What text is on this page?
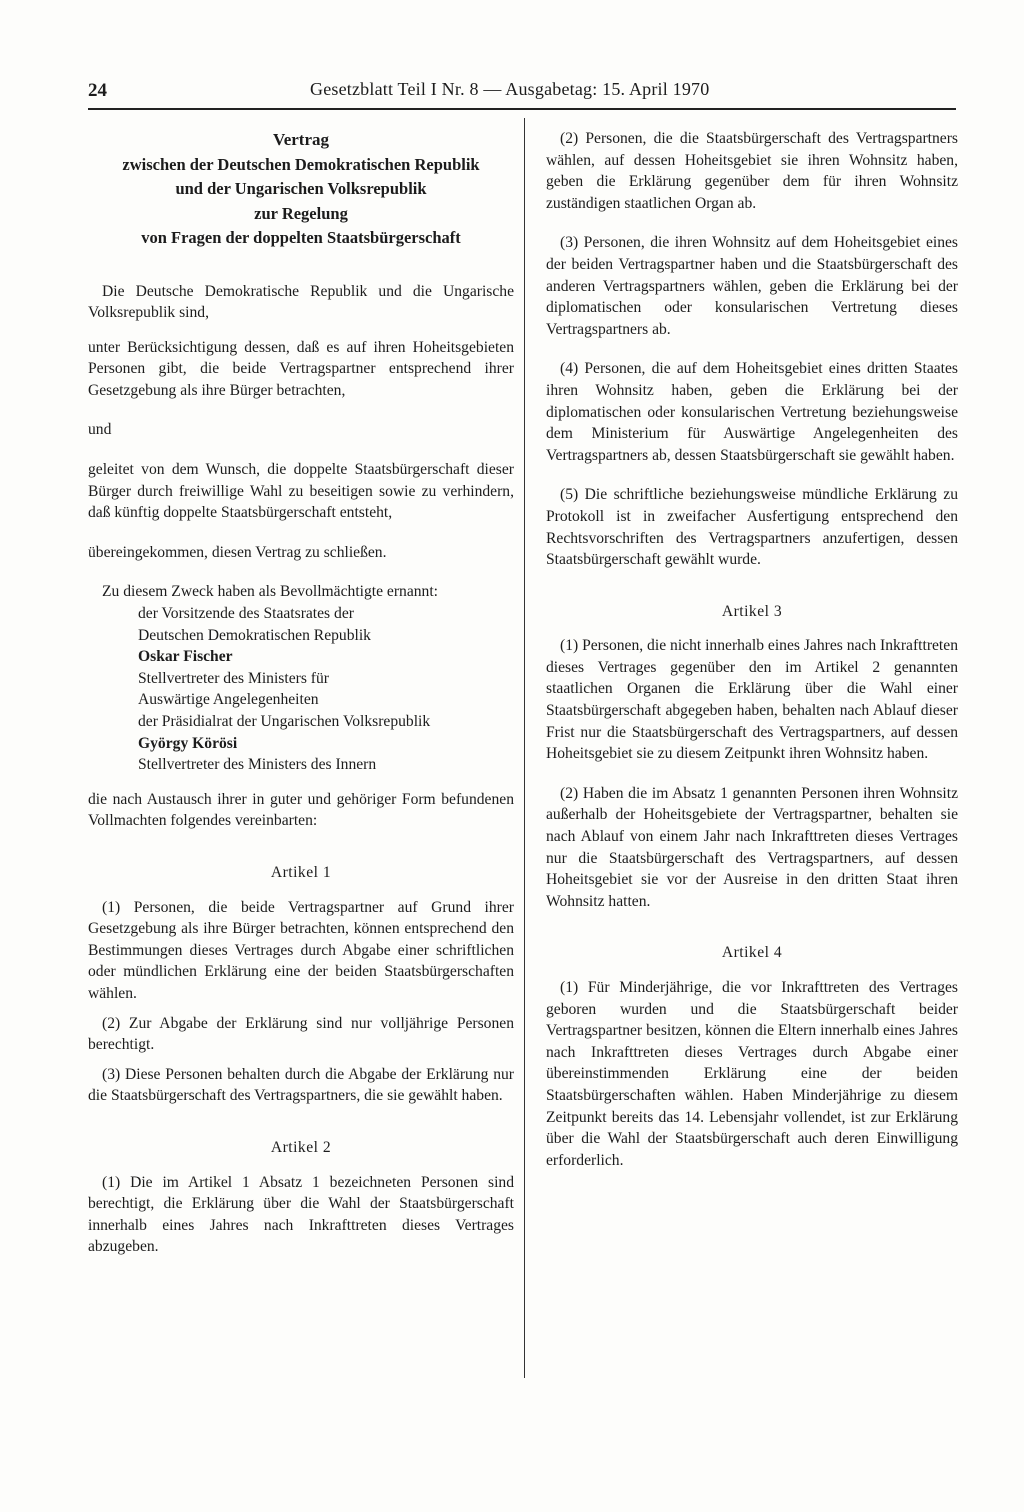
24	Gesetzblatt Teil I Nr. 8 — Ausgabetag: 15. April 1970
Vertrag
zwischen der Deutschen Demokratischen Republik
und der Ungarischen Volksrepublik
zur Regelung
von Fragen der doppelten Staatsbürgerschaft

Die Deutsche Demokratische Republik und die Ungarische Volksrepublik sind,

unter Berücksichtigung dessen, daß es auf ihren Hoheitsgebieten Personen gibt, die beide Vertragspartner entsprechend ihrer Gesetzgebung als ihre Bürger betrachten,

und

geleitet von dem Wunsch, die doppelte Staatsbürgerschaft dieser Bürger durch freiwillige Wahl zu beseitigen sowie zu verhindern, daß künftig doppelte Staatsbürgerschaft entsteht,

übereingekommen, diesen Vertrag zu schließen.

Zu diesem Zweck haben als Bevollmächtigte ernannt:

der Vorsitzende des Staatsrates der
Deutschen Demokratischen Republik
Oskar Fischer
Stellvertreter des Ministers für
Auswärtige Angelegenheiten
der Präsidialrat der Ungarischen Volksrepublik
György Körösi
Stellvertreter des Ministers des Innern

die nach Austausch ihrer in guter und gehöriger Form befundenen Vollmachten folgendes vereinbarten:

Artikel 1

(1) Personen, die beide Vertragspartner auf Grund ihrer Gesetzgebung als ihre Bürger betrachten, können entsprechend den Bestimmungen dieses Vertrages durch Abgabe einer schriftlichen oder mündlichen Erklärung eine der beiden Staatsbürgerschaften wählen.

(2) Zur Abgabe der Erklärung sind nur volljährige Personen berechtigt.

(3) Diese Personen behalten durch die Abgabe der Erklärung nur die Staatsbürgerschaft des Vertragspartners, die sie gewählt haben.

Artikel 2

(1) Die im Artikel 1 Absatz 1 bezeichneten Personen sind berechtigt, die Erklärung über die Wahl der Staatsbürgerschaft innerhalb eines Jahres nach Inkrafttreten dieses Vertrages abzugeben.

(2) Personen, die die Staatsbürgerschaft des Vertragspartners wählen, auf dessen Hoheitsgebiet sie ihren Wohnsitz haben, geben die Erklärung gegenüber dem für ihren Wohnsitz zuständigen staatlichen Organ ab.

(3) Personen, die ihren Wohnsitz auf dem Hoheitsgebiet eines der beiden Vertragspartner haben und die Staatsbürgerschaft des anderen Vertragspartners wählen, geben die Erklärung bei der diplomatischen oder konsularischen Vertretung dieses Vertragspartners ab.

(4) Personen, die auf dem Hoheitsgebiet eines dritten Staates ihren Wohnsitz haben, geben die Erklärung bei der diplomatischen oder konsularischen Vertretung beziehungsweise dem Ministerium für Auswärtige Angelegenheiten des Vertragspartners ab, dessen Staatsbürgerschaft sie gewählt haben.

(5) Die schriftliche beziehungsweise mündliche Erklärung zu Protokoll ist in zweifacher Ausfertigung entsprechend den Rechtsvorschriften des Vertragspartners anzufertigen, dessen Staatsbürgerschaft gewählt wurde.

Artikel 3

(1) Personen, die nicht innerhalb eines Jahres nach Inkrafttreten dieses Vertrages gegenüber den im Artikel 2 genannten staatlichen Organen die Erklärung über die Wahl einer Staatsbürgerschaft abgegeben haben, behalten nach Ablauf dieser Frist nur die Staatsbürgerschaft des Vertragspartners, auf dessen Hoheitsgebiet sie zu diesem Zeitpunkt ihren Wohnsitz haben.

(2) Haben die im Absatz 1 genannten Personen ihren Wohnsitz außerhalb der Hoheitsgebiete der Vertragspartner, behalten sie nach Ablauf von einem Jahr nach Inkrafttreten dieses Vertrages nur die Staatsbürgerschaft des Vertragspartners, auf dessen Hoheitsgebiet sie vor der Ausreise in den dritten Staat ihren Wohnsitz hatten.

Artikel 4

(1) Für Minderjährige, die vor Inkrafttreten des Vertrages geboren wurden und die Staatsbürgerschaft beider Vertragspartner besitzen, können die Eltern innerhalb eines Jahres nach Inkrafttreten dieses Vertrages durch Abgabe einer übereinstimmenden Erklärung eine der beiden Staatsbürgerschaften wählen. Haben Minderjährige zu diesem Zeitpunkt bereits das 14. Lebensjahr vollendet, ist zur Erklärung über die Wahl der Staatsbürgerschaft auch deren Einwilligung erforderlich.
